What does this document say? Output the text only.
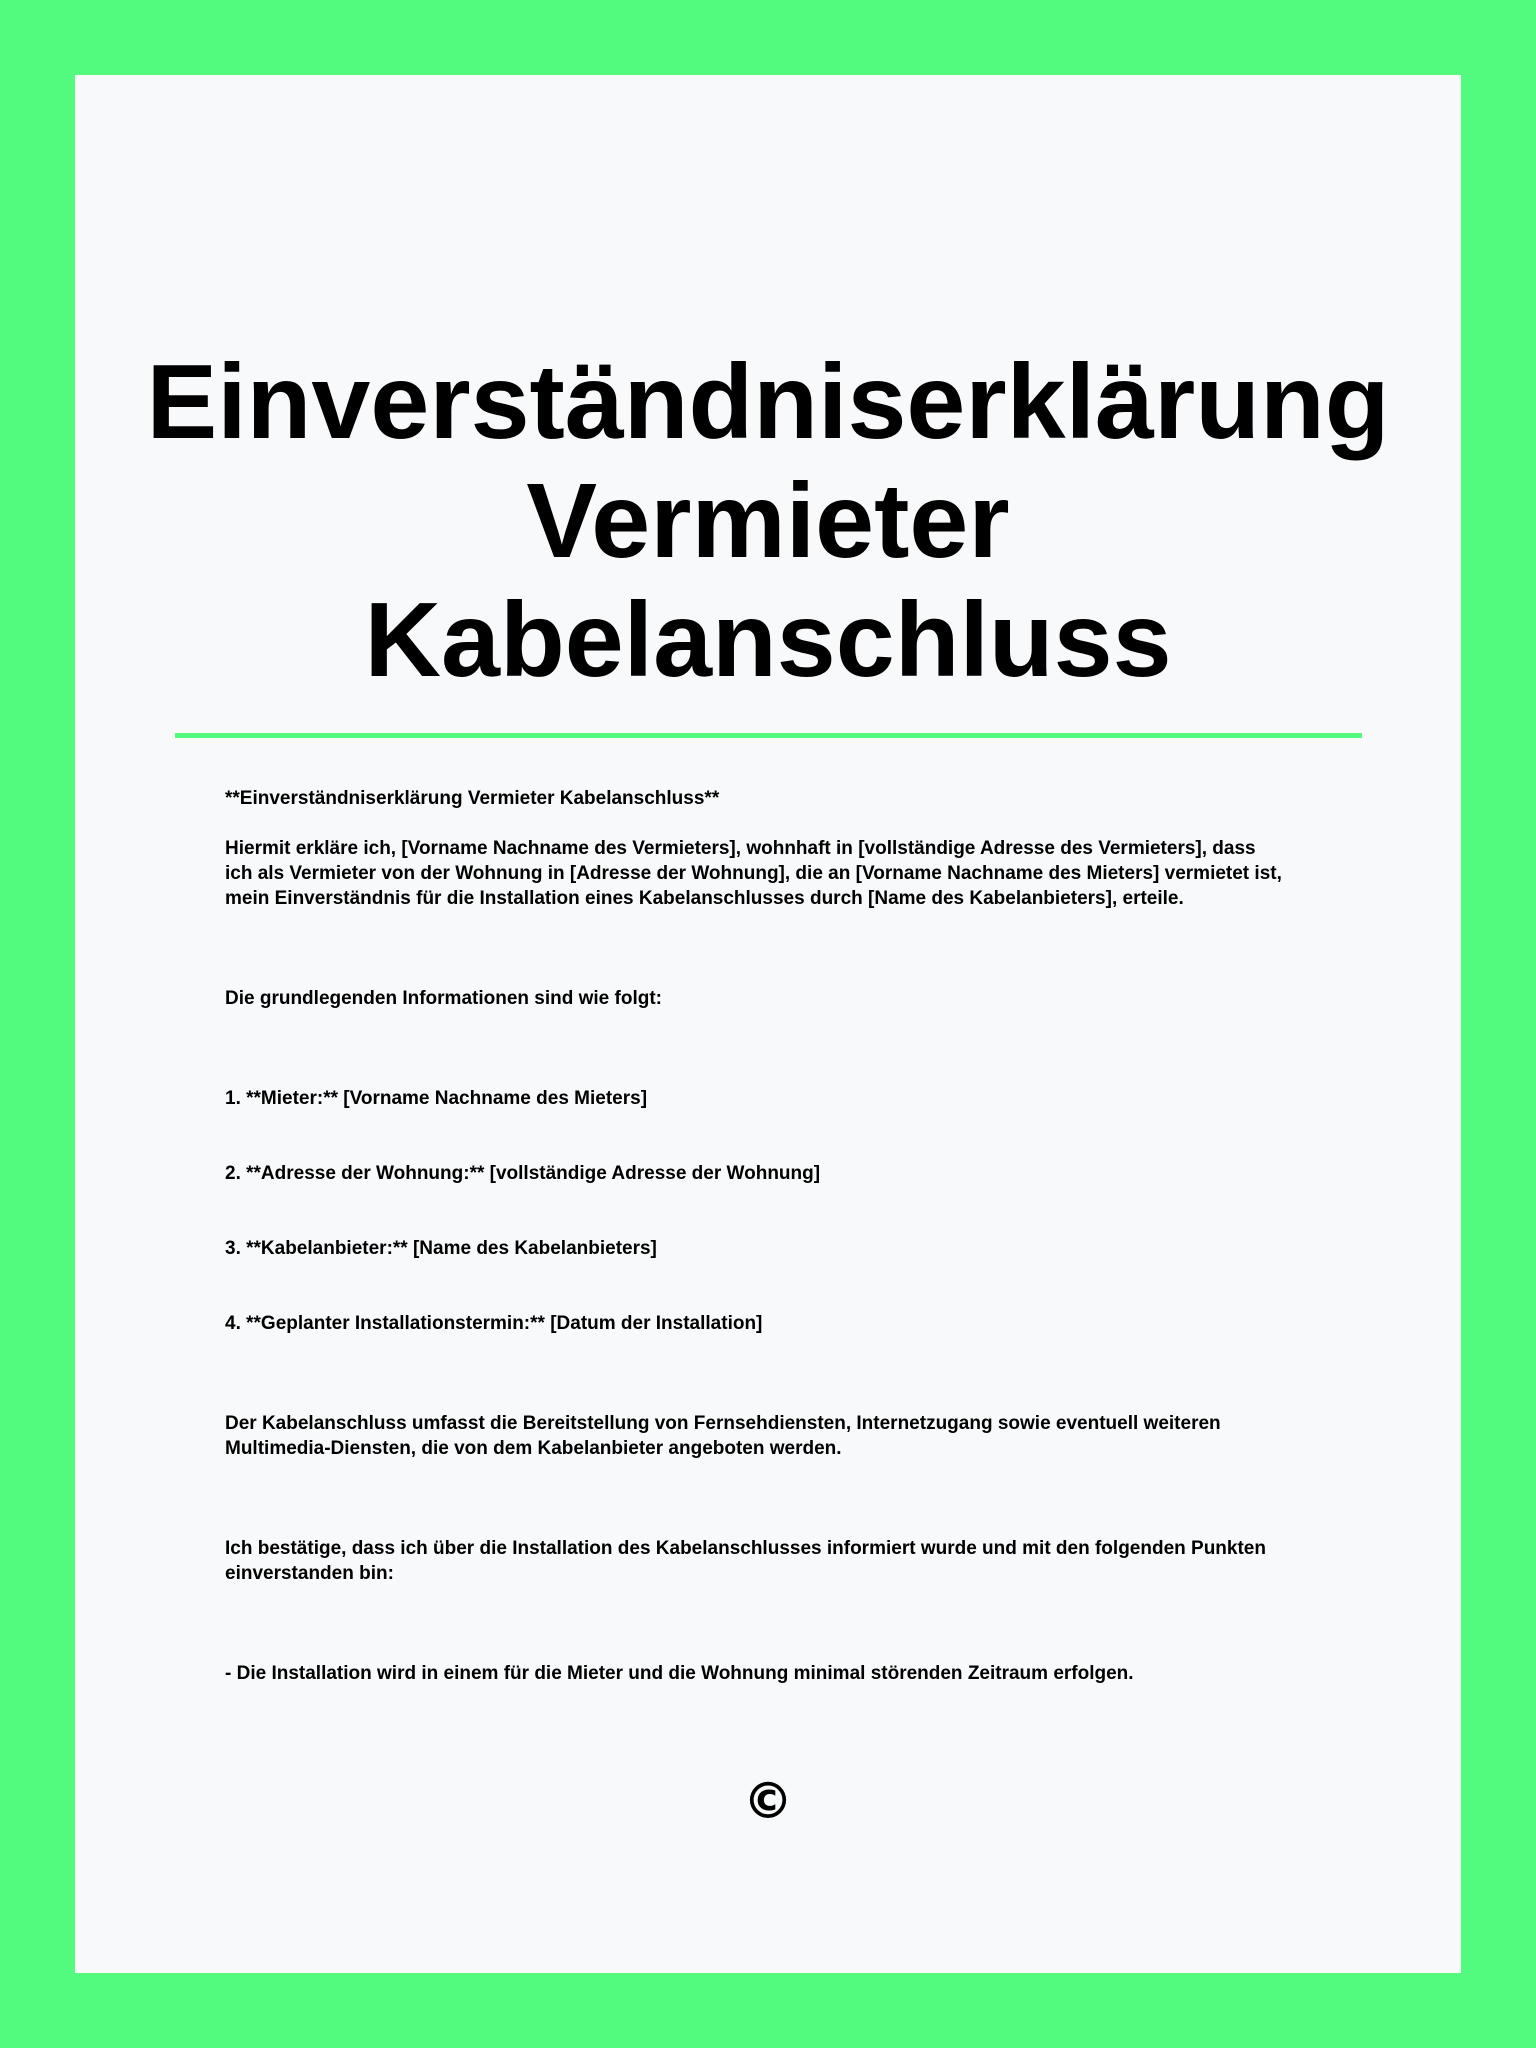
Einverständniserklärung
Vermieter
Kabelanschluss

**Einverständniserklärung Vermieter Kabelanschluss**

Hiermit erkläre ich, [Vorname Nachname des Vermieters], wohnhaft in [vollständige Adresse des Vermieters], dass

ich als Vermieter von der Wohnung in [Adresse der Wohnung], die an [Vorname Nachname des Mieters] vermietet ist,

mein Einverständnis für die Installation eines Kabelanschlusses durch [Name des Kabelanbieters], erteile.

Die grundlegenden Informationen sind wie folgt:

1. **Mieter:** [Vorname Nachname des Mieters]

2. **Adresse der Wohnung:** [vollständige Adresse der Wohnung]

3. **Kabelanbieter:** [Name des Kabelanbieters]

4. **Geplanter Installationstermin:** [Datum der Installation]

Der Kabelanschluss umfasst die Bereitstellung von Fernsehdiensten, Internetzugang sowie eventuell weiteren

Multimedia-Diensten, die von dem Kabelanbieter angeboten werden.

Ich bestätige, dass ich über die Installation des Kabelanschlusses informiert wurde und mit den folgenden Punkten

einverstanden bin:

- Die Installation wird in einem für die Mieter und die Wohnung minimal störenden Zeitraum erfolgen.

©
